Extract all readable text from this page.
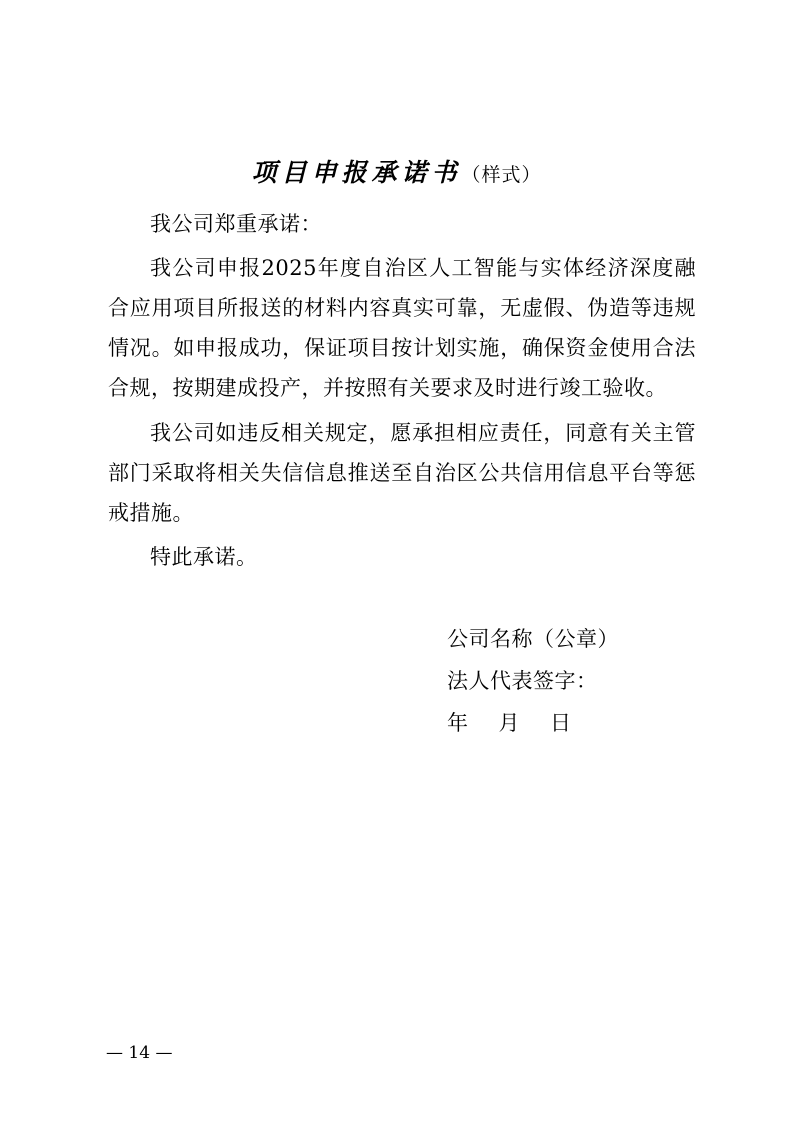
项目申报承诺书（样式）

我公司郑重承诺：

我公司申报2025年度自治区人工智能与实体经济深度融合应用项目所报送的材料内容真实可靠，无虚假、伪造等违规情况。如申报成功，保证项目按计划实施，确保资金使用合法合规，按期建成投产，并按照有关要求及时进行竣工验收。

我公司如违反相关规定，愿承担相应责任，同意有关主管部门采取将相关失信信息推送至自治区公共信用信息平台等惩戒措施。

特此承诺。

公司名称（公章）
法人代表签字：
年 月 日
— 14 —
